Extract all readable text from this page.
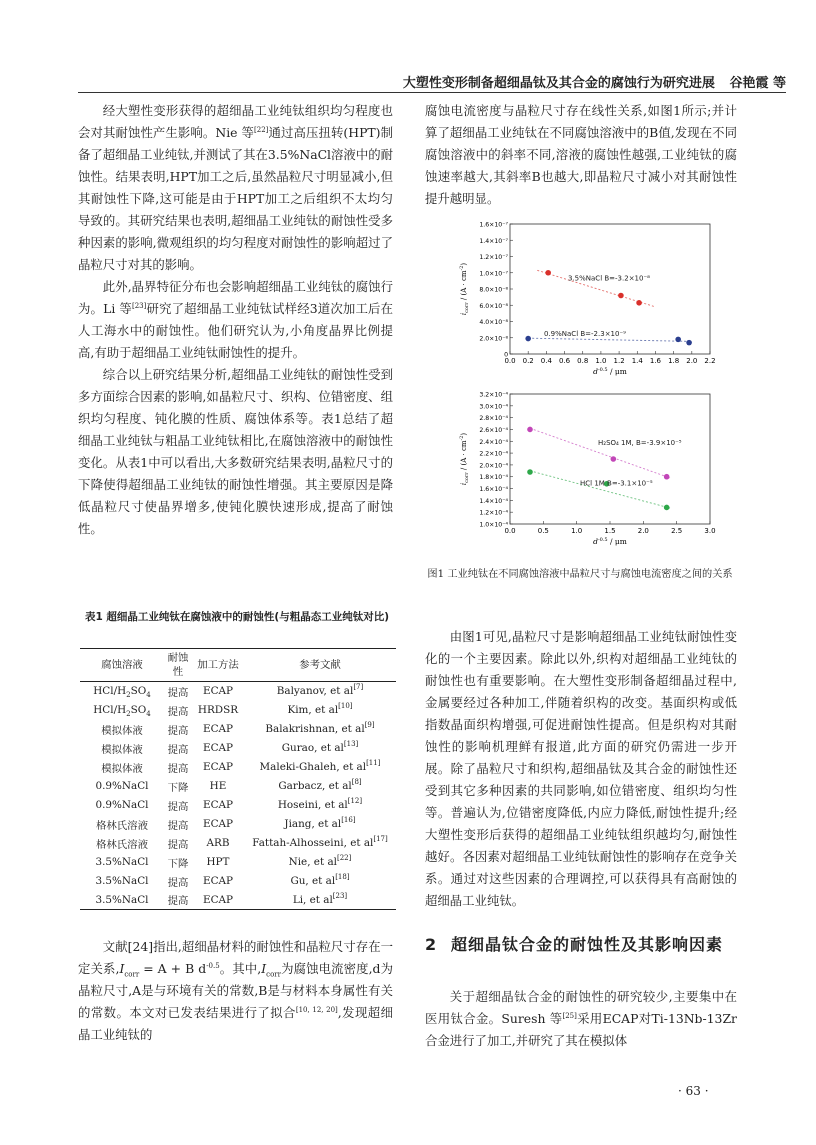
大塑性变形制备超细晶钛及其合金的腐蚀行为研究进展 谷艳霞 等

经大塑性变形获得的超细晶工业纯钛组织均匀程度也会对其耐蚀性产生影响。Nie 等[22]通过高压扭转(HPT)制备了超细晶工业纯钛,并测试了其在3.5%NaCl溶液中的耐蚀性。结果表明,HPT加工之后,虽然晶粒尺寸明显减小,但其耐蚀性下降,这可能是由于HPT加工之后组织不太均匀导致的。其研究结果也表明,超细晶工业纯钛的耐蚀性受多种因素的影响,微观组织的均匀程度对耐蚀性的影响超过了晶粒尺寸对其的影响。

此外,晶界特征分布也会影响超细晶工业纯钛的腐蚀行为。Li 等[23]研究了超细晶工业纯钛试样经3道次加工后在人工海水中的耐蚀性。他们研究认为,小角度晶界比例提高,有助于超细晶工业纯钛耐蚀性的提升。

综合以上研究结果分析,超细晶工业纯钛的耐蚀性受到多方面综合因素的影响,如晶粒尺寸、织构、位错密度、组织均匀程度、钝化膜的性质、腐蚀体系等。表1总结了超细晶工业纯钛与粗晶工业纯钛相比,在腐蚀溶液中的耐蚀性变化。从表1中可以看出,大多数研究结果表明,晶粒尺寸的下降使得超细晶工业纯钛的耐蚀性增强。其主要原因是降低晶粒尺寸使晶界增多,使钝化膜快速形成,提高了耐蚀性。

表1 超细晶工业纯钛在腐蚀液中的耐蚀性(与粗晶态工业纯钛对比)
腐蚀溶液	耐蚀性	加工方法	参考文献
HCl/$H_2SO_4$	提高	ECAP	Balyanov, et al[7]
HCl/$H_2SO_4$	提高	HRDSR	Kim, et al[10]
模拟体液	提高	ECAP	Balakrishnan, et al[9]
模拟体液	提高	ECAP	Gurao, et al[13]
模拟体液	提高	ECAP	Maleki-Ghaleh, et al[11]
0.9%NaCl	下降	HE	Garbacz, et al[8]
0.9%NaCl	提高	ECAP	Hoseini, et al[12]
格林氏溶液	提高	ECAP	Jiang, et al[16]
格林氏溶液	提高	ARB	Fattah-Alhosseini, et al[17]
3.5%NaCl	下降	HPT	Nie, et al[22]
3.5%NaCl	提高	ECAP	Gu, et al[18]
3.5%NaCl	提高	ECAP	Li, et al[23]

文献[24]指出,超细晶材料的耐蚀性和晶粒尺寸存在一定关系$,I_{corr} = A + B$ $d^{-0.5}$。其中$,I_{corr}$为腐蚀电流密度,d为晶粒尺寸,A是与环境有关的常数,B是与材料本身属性有关的常数。本文对已发表结果进行了拟合[10, 12, 20],发现超细晶工业纯钛的

腐蚀电流密度与晶粒尺寸存在线性关系,如图1所示;并计算了超细晶工业纯钛在不同腐蚀溶液中的B值,发现在不同腐蚀溶液中的斜率不同,溶液的腐蚀性越强,工业纯钛的腐蚀速率越大,其斜率B也越大,即晶粒尺寸减小对其耐蚀性提升越明显。

0.0 0.2 0.4 0.6 0.8 1.0 1.2 1.4 1.6 1.8 2.0 2.2
0
2.0×10⁻⁸
4.0×10⁻⁸
6.0×10⁻⁸
8.0×10⁻⁸
1.0×10⁻⁷
1.2×10⁻⁷
1.4×10⁻⁷
1.6×10⁻⁷
$d^{-0.5}$ / μm
$i_{corr} / (A \cdot cm^{-2})$
3.5%NaCl B=-3.2×10⁻⁸
0.9%NaCl B=-2.3×10⁻⁹
0.0	0.5	1.0	1.5	2.0	2.5	3.0
1.0×10⁻⁴
1.2×10⁻⁴
1.4×10⁻⁴
1.6×10⁻⁴
1.8×10⁻⁴
2.0×10⁻⁴
2.2×10⁻⁴
2.4×10⁻⁴
2.6×10⁻⁴
2.8×10⁻⁴
3.0×10⁻⁴
3.2×10⁻⁴
$d^{-0.5}$ / μm
$i_{corr} / (A \cdot cm^{-2})$
H₂SO₄ 1M, B=-3.9×10⁻⁵
HCl 1M B=-3.1×10⁻⁵
图1 工业纯钛在不同腐蚀溶液中晶粒尺寸与腐蚀电流密度之间的关系

由图1可见,晶粒尺寸是影响超细晶工业纯钛耐蚀性变化的一个主要因素。除此以外,织构对超细晶工业纯钛的耐蚀性也有重要影响。在大塑性变形制备超细晶过程中,金属要经过各种加工,伴随着织构的改变。基面织构或低指数晶面织构增强,可促进耐蚀性提高。但是织构对其耐蚀性的影响机理鲜有报道,此方面的研究仍需进一步开展。除了晶粒尺寸和织构,超细晶钛及其合金的耐蚀性还受到其它多种因素的共同影响,如位错密度、组织均匀性等。普遍认为,位错密度降低,内应力降低,耐蚀性提升;经大塑性变形后获得的超细晶工业纯钛组织越均匀,耐蚀性越好。各因素对超细晶工业纯钛耐蚀性的影响存在竞争关系。通过对这些因素的合理调控,可以获得具有高耐蚀的超细晶工业纯钛。

2 超细晶钛合金的耐蚀性及其影响因素

关于超细晶钛合金的耐蚀性的研究较少,主要集中在医用钛合金。Suresh 等[25]采用ECAP对Ti-13Nb-13Zr合金进行了加工,并研究了其在模拟体

· 63 ·
